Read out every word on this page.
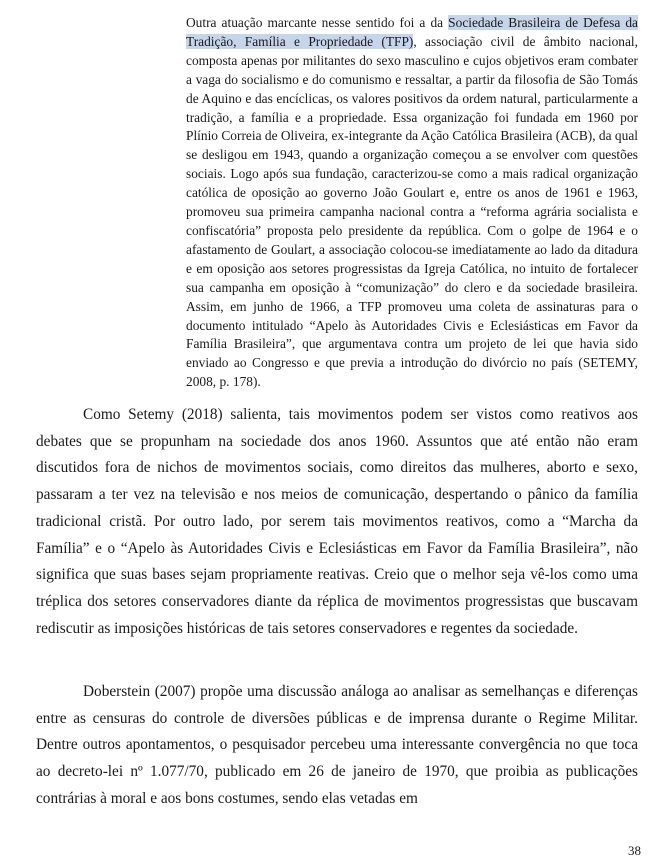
Outra atuação marcante nesse sentido foi a da Sociedade Brasileira de Defesa da Tradição, Família e Propriedade (TFP), associação civil de âmbito nacional, composta apenas por militantes do sexo masculino e cujos objetivos eram combater a vaga do socialismo e do comunismo e ressaltar, a partir da filosofia de São Tomás de Aquino e das encíclicas, os valores positivos da ordem natural, particularmente a tradição, a família e a propriedade. Essa organização foi fundada em 1960 por Plínio Correia de Oliveira, ex-integrante da Ação Católica Brasileira (ACB), da qual se desligou em 1943, quando a organização começou a se envolver com questões sociais. Logo após sua fundação, caracterizou-se como a mais radical organização católica de oposição ao governo João Goulart e, entre os anos de 1961 e 1963, promoveu sua primeira campanha nacional contra a “reforma agrária socialista e confiscatória” proposta pelo presidente da república. Com o golpe de 1964 e o afastamento de Goulart, a associação colocou-se imediatamente ao lado da ditadura e em oposição aos setores progressistas da Igreja Católica, no intuito de fortalecer sua campanha em oposição à “comunização” do clero e da sociedade brasileira. Assim, em junho de 1966, a TFP promoveu uma coleta de assinaturas para o documento intitulado “Apelo às Autoridades Civis e Eclesiásticas em Favor da Família Brasileira”, que argumentava contra um projeto de lei que havia sido enviado ao Congresso e que previa a introdução do divórcio no país (SETEMY, 2008, p. 178).

Como Setemy (2018) salienta, tais movimentos podem ser vistos como reativos aos debates que se propunham na sociedade dos anos 1960. Assuntos que até então não eram discutidos fora de nichos de movimentos sociais, como direitos das mulheres, aborto e sexo, passaram a ter vez na televisão e nos meios de comunicação, despertando o pânico da família tradicional cristã. Por outro lado, por serem tais movimentos reativos, como a “Marcha da Família” e o “Apelo às Autoridades Civis e Eclesiásticas em Favor da Família Brasileira”, não significa que suas bases sejam propriamente reativas. Creio que o melhor seja vê-los como uma tréplica dos setores conservadores diante da réplica de movimentos progressistas que buscavam rediscutir as imposições históricas de tais setores conservadores e regentes da sociedade.

Doberstein (2007) propõe uma discussão análoga ao analisar as semelhanças e diferenças entre as censuras do controle de diversões públicas e de imprensa durante o Regime Militar. Dentre outros apontamentos, o pesquisador percebeu uma interessante convergência no que toca ao decreto-lei nº 1.077/70, publicado em 26 de janeiro de 1970, que proibia as publicações contrárias à moral e aos bons costumes, sendo elas vetadas em

38
